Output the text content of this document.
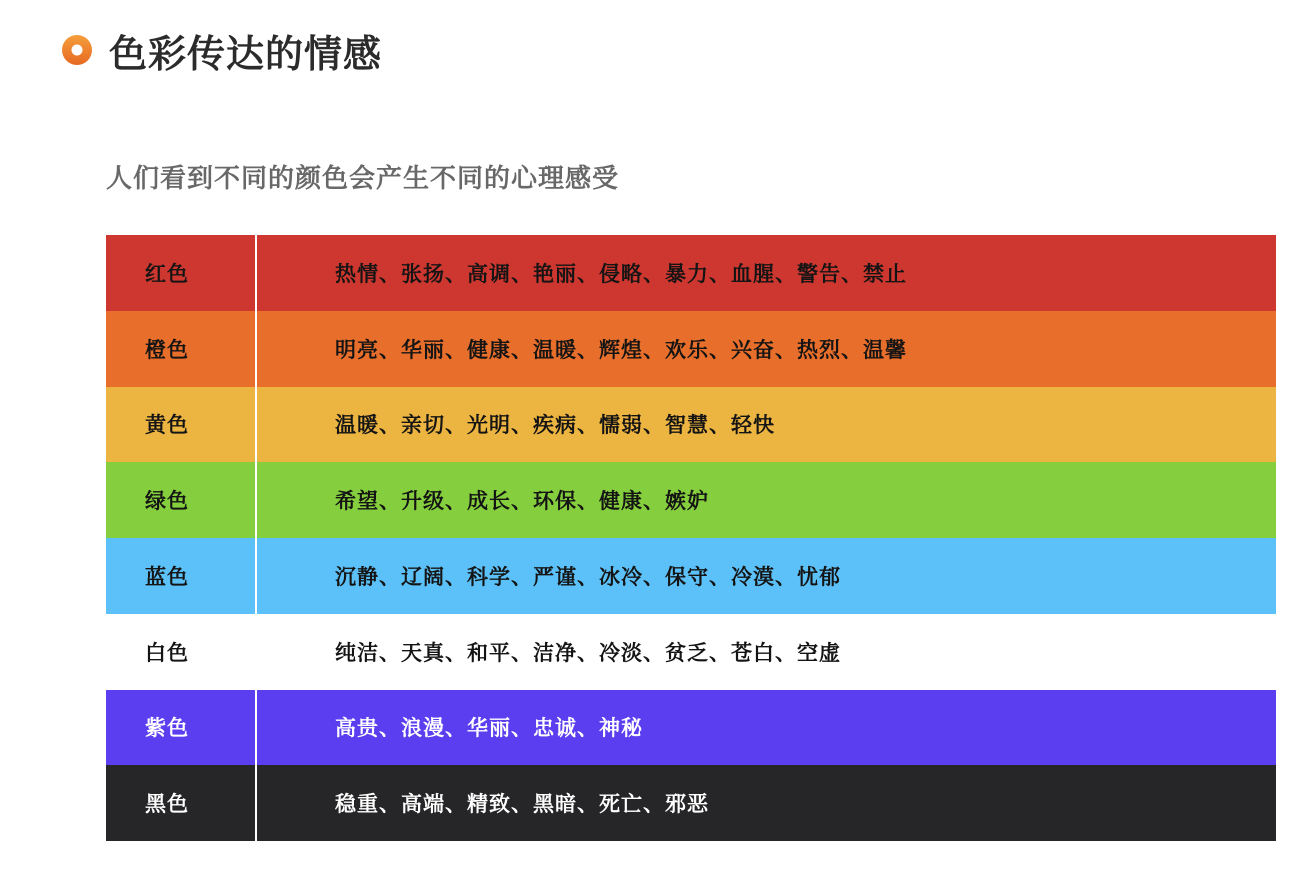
色彩传达的情感
人们看到不同的颜色会产生不同的心理感受
红色	热情、张扬、高调、艳丽、侵略、暴力、血腥、警告、禁止
橙色	明亮、华丽、健康、温暖、辉煌、欢乐、兴奋、热烈、温馨
黄色	温暖、亲切、光明、疾病、懦弱、智慧、轻快
绿色	希望、升级、成长、环保、健康、嫉妒
蓝色	沉静、辽阔、科学、严谨、冰冷、保守、冷漠、忧郁
白色	纯洁、天真、和平、洁净、冷淡、贫乏、苍白、空虚
紫色	高贵、浪漫、华丽、忠诚、神秘
黑色	稳重、高端、精致、黑暗、死亡、邪恶
